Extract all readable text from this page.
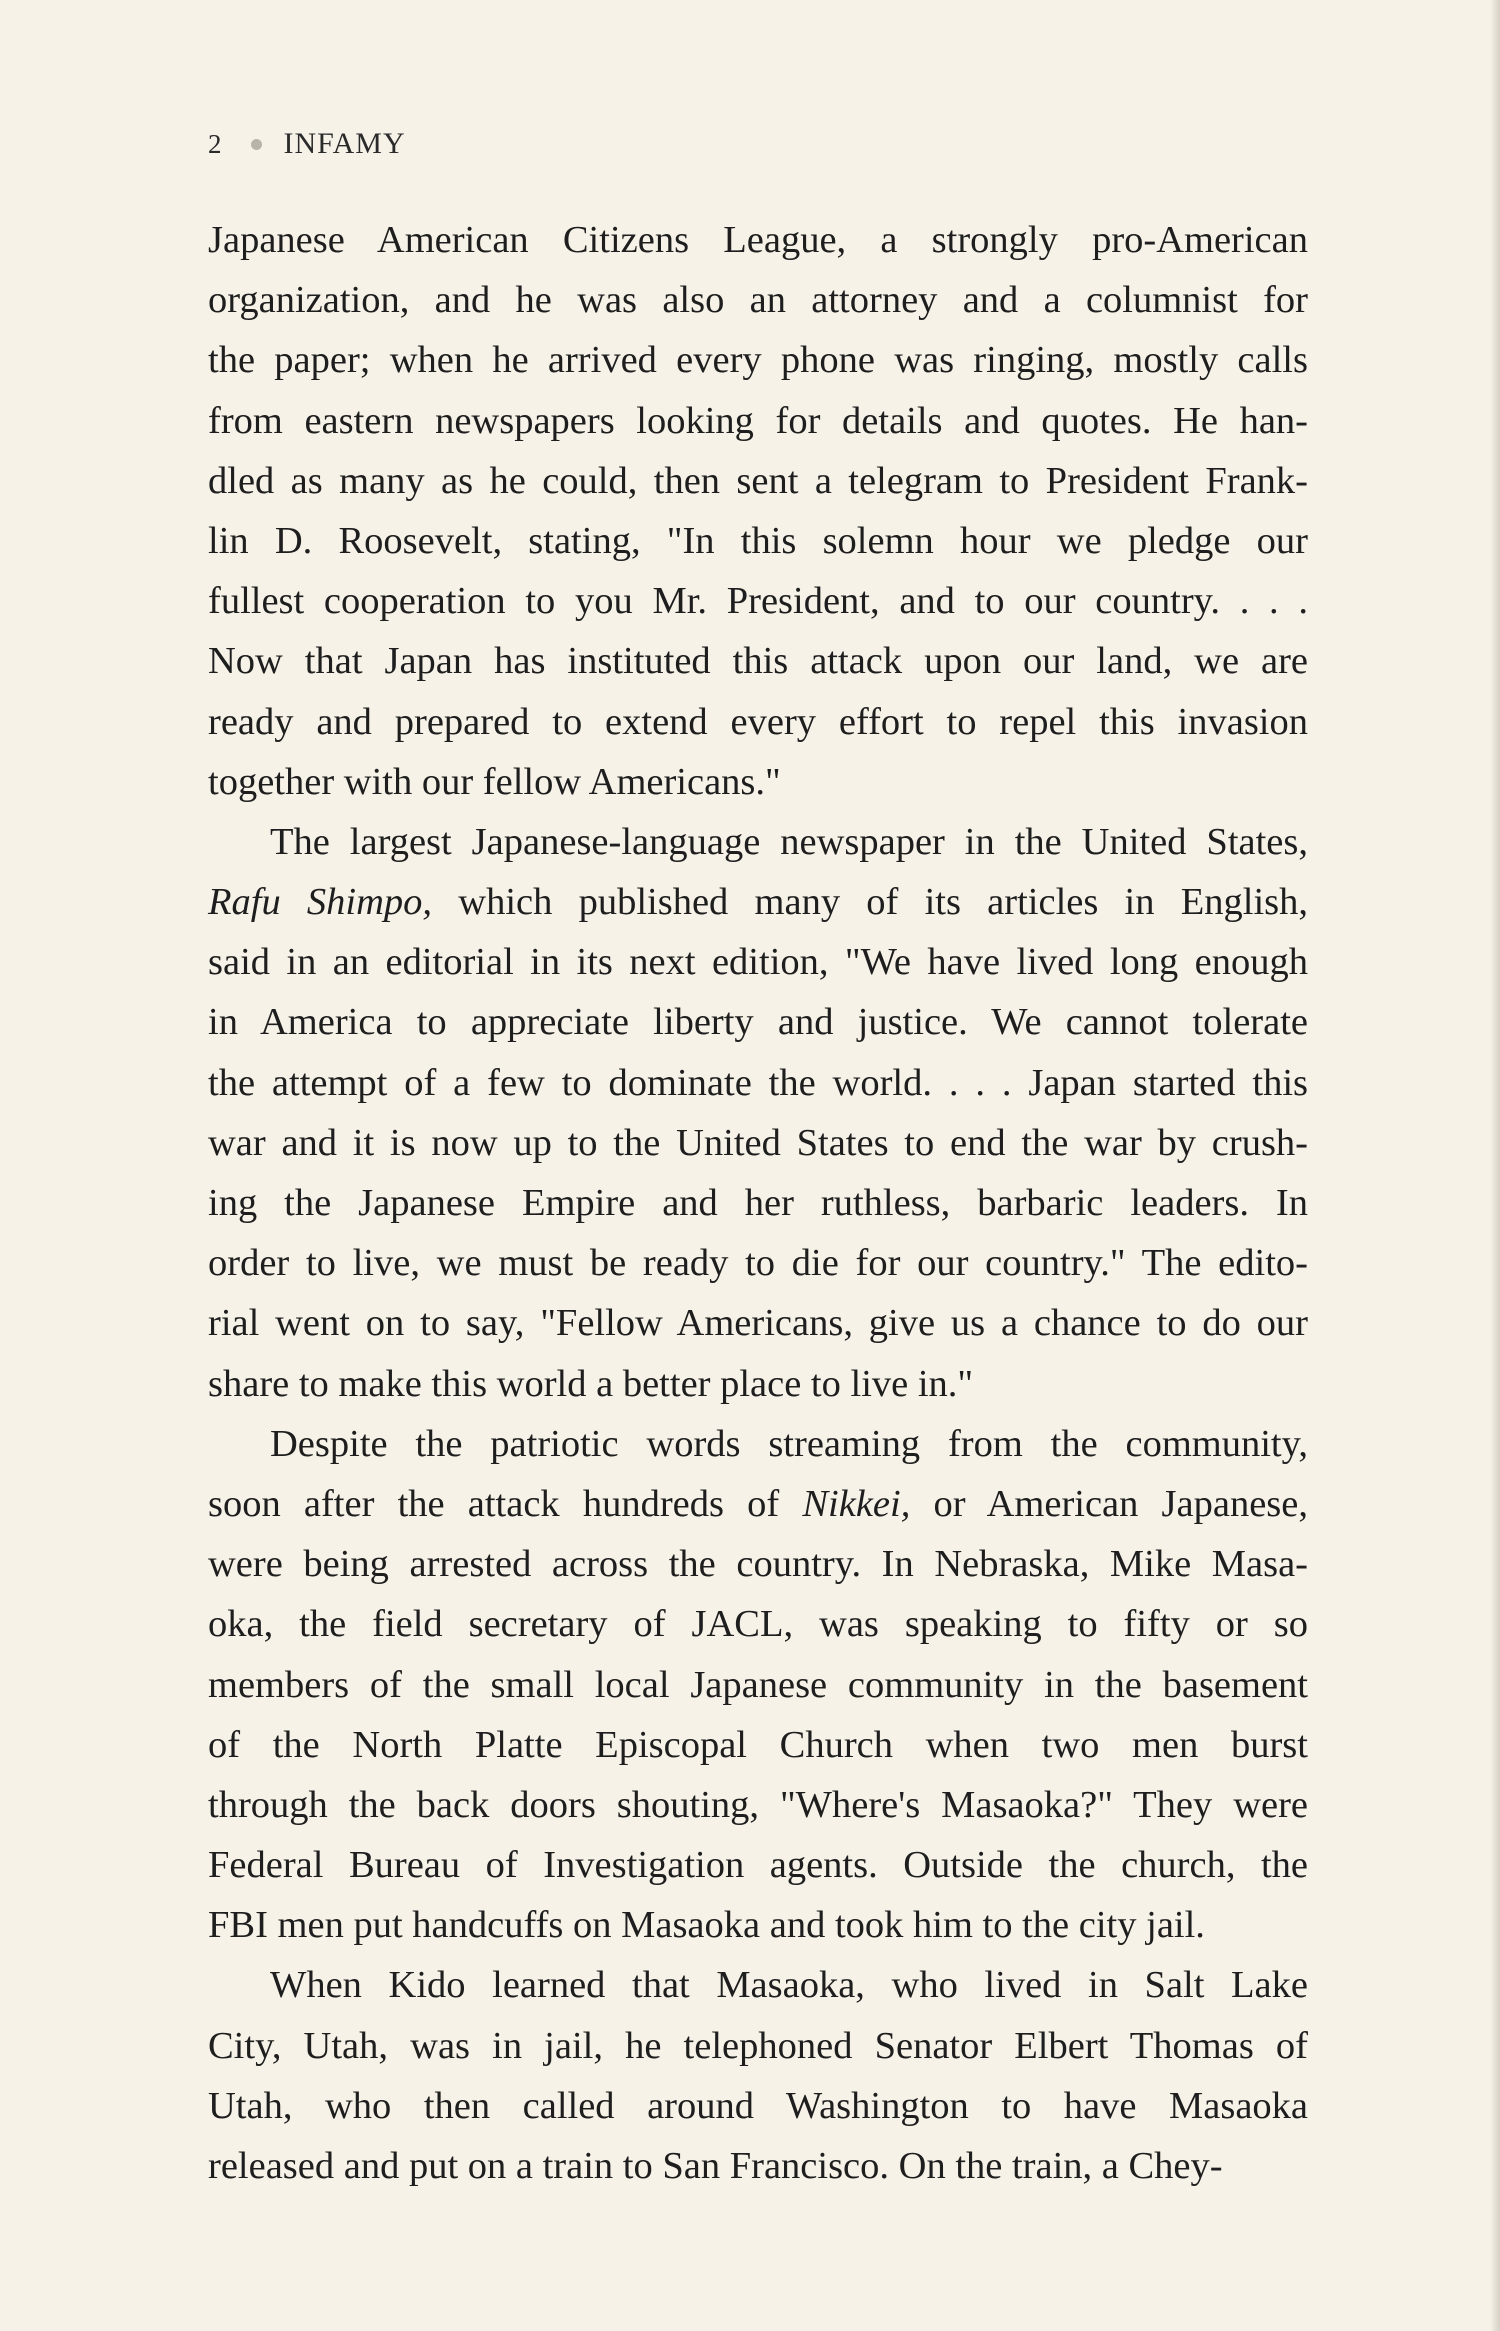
2 INFAMY
Japanese American Citizens League, a strongly pro-American
organization, and he was also an attorney and a columnist for
the paper; when he arrived every phone was ringing, mostly calls
from eastern newspapers looking for details and quotes. He han-
dled as many as he could, then sent a telegram to President Frank-
lin D. Roosevelt, stating, "In this solemn hour we pledge our
fullest cooperation to you Mr. President, and to our country. . . .
Now that Japan has instituted this attack upon our land, we are
ready and prepared to extend every effort to repel this invasion
together with our fellow Americans."
The largest Japanese-language newspaper in the United States,
Rafu Shimpo, which published many of its articles in English,
said in an editorial in its next edition, "We have lived long enough
in America to appreciate liberty and justice. We cannot tolerate
the attempt of a few to dominate the world. . . . Japan started this
war and it is now up to the United States to end the war by crush-
ing the Japanese Empire and her ruthless, barbaric leaders. In
order to live, we must be ready to die for our country." The edito-
rial went on to say, "Fellow Americans, give us a chance to do our
share to make this world a better place to live in."
Despite the patriotic words streaming from the community,
soon after the attack hundreds of Nikkei, or American Japanese,
were being arrested across the country. In Nebraska, Mike Masa-
oka, the field secretary of JACL, was speaking to fifty or so
members of the small local Japanese community in the basement
of the North Platte Episcopal Church when two men burst
through the back doors shouting, "Where's Masaoka?" They were
Federal Bureau of Investigation agents. Outside the church, the
FBI men put handcuffs on Masaoka and took him to the city jail.
When Kido learned that Masaoka, who lived in Salt Lake
City, Utah, was in jail, he telephoned Senator Elbert Thomas of
Utah, who then called around Washington to have Masaoka
released and put on a train to San Francisco. On the train, a Chey-
